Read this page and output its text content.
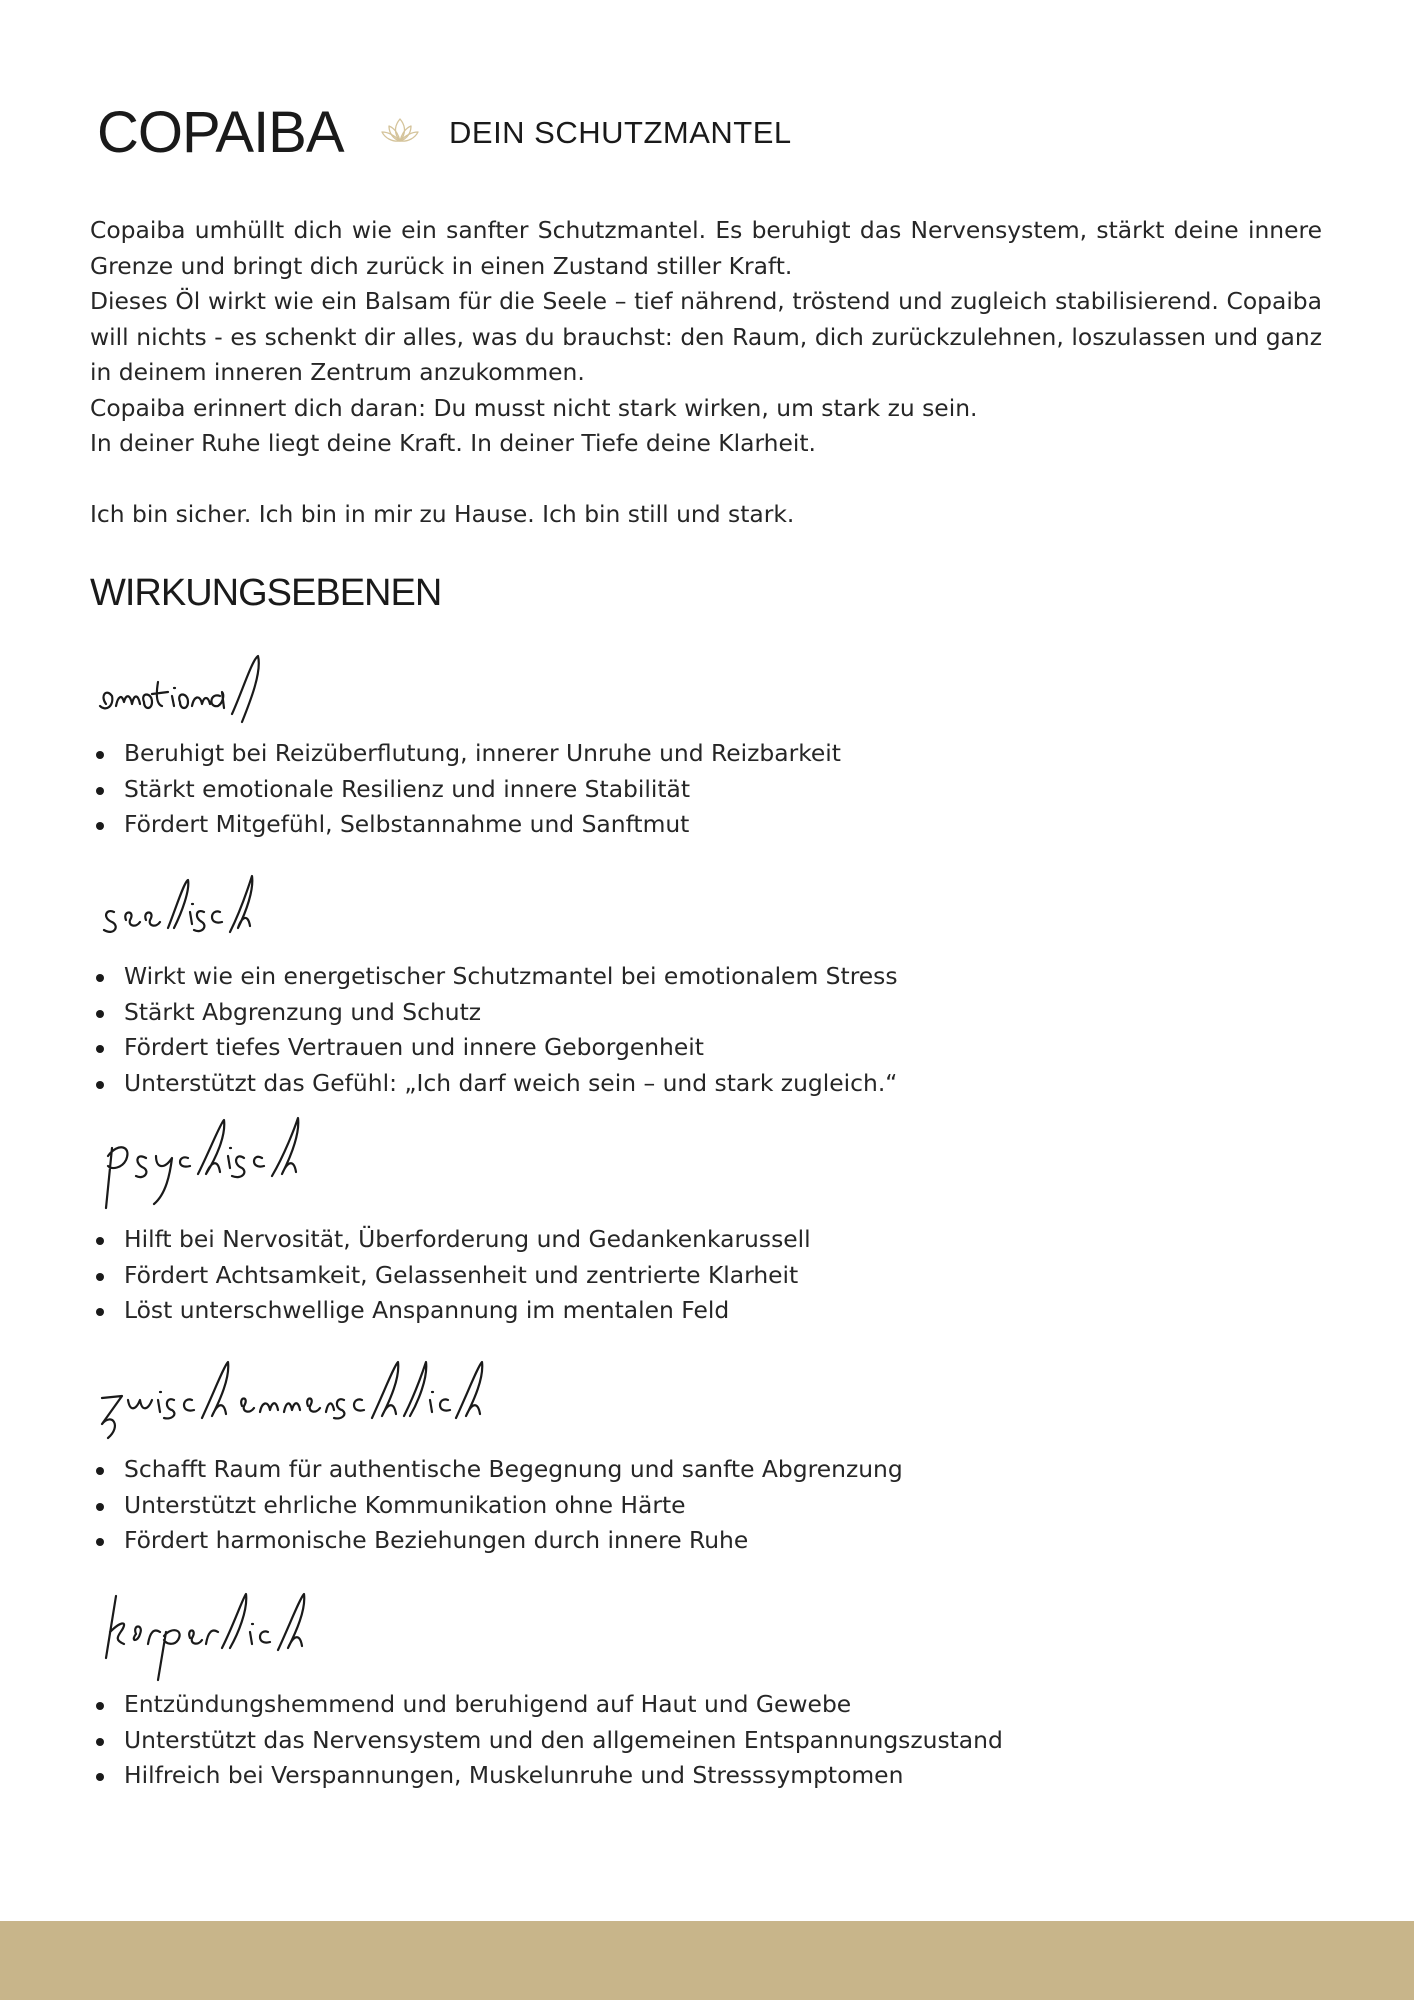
COPAIBA	DEIN SCHUTZMANTEL

Copaiba umhüllt dich wie ein sanfter Schutzmantel. Es beruhigt das Nervensystem, stärkt deine innere Grenze und bringt dich zurück in einen Zustand stiller Kraft.

Dieses Öl wirkt wie ein Balsam für die Seele – tief nährend, tröstend und zugleich stabilisierend. Copaiba will nichts - es schenkt dir alles, was du brauchst: den Raum, dich zurückzulehnen, loszulassen und ganz in deinem inneren Zentrum anzukommen.

Copaiba erinnert dich daran: Du musst nicht stark wirken, um stark zu sein.

In deiner Ruhe liegt deine Kraft. In deiner Tiefe deine Klarheit.

Ich bin sicher. Ich bin in mir zu Hause. Ich bin still und stark.

WIRKUNGSEBENEN
Beruhigt bei Reizüberflutung, innerer Unruhe und Reizbarkeit
Stärkt emotionale Resilienz und innere Stabilität
Fördert Mitgefühl, Selbstannahme und Sanftmut
Wirkt wie ein energetischer Schutzmantel bei emotionalem Stress
Stärkt Abgrenzung und Schutz
Fördert tiefes Vertrauen und innere Geborgenheit
Unterstützt das Gefühl: „Ich darf weich sein – und stark zugleich.“
Hilft bei Nervosität, Überforderung und Gedankenkarussell
Fördert Achtsamkeit, Gelassenheit und zentrierte Klarheit
Löst unterschwellige Anspannung im mentalen Feld
Schafft Raum für authentische Begegnung und sanfte Abgrenzung
Unterstützt ehrliche Kommunikation ohne Härte
Fördert harmonische Beziehungen durch innere Ruhe
Entzündungshemmend und beruhigend auf Haut und Gewebe
Unterstützt das Nervensystem und den allgemeinen Entspannungszustand
Hilfreich bei Verspannungen, Muskelunruhe und Stresssymptomen
